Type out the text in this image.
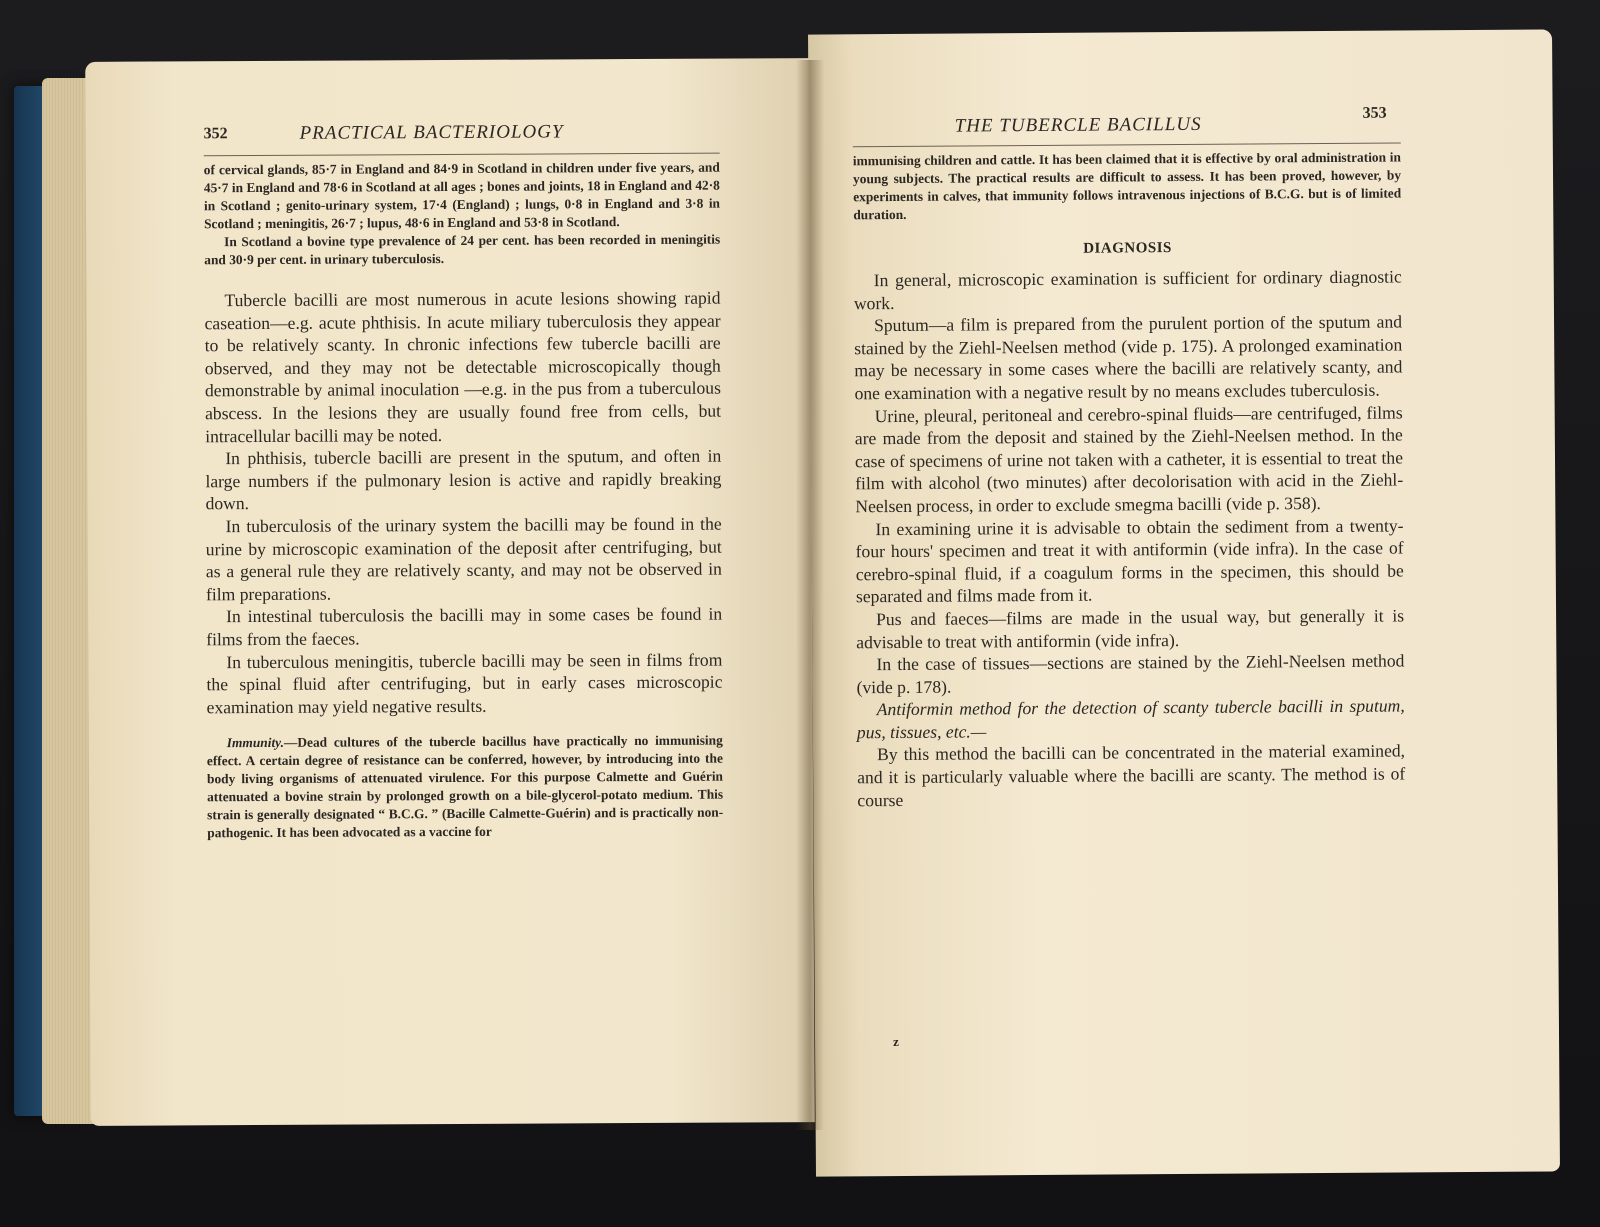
352	PRACTICAL BACTERIOLOGY

of cervical glands, 85·7 in England and 84·9 in Scotland in children under five years, and 45·7 in England and 78·6 in Scotland at all ages ; bones and joints, 18 in England and 42·8 in Scotland ; genito-urinary system, 17·4 (England) ; lungs, 0·8 in England and 3·8 in Scotland ; meningitis, 26·7 ; lupus, 48·6 in England and 53·8 in Scotland.

In Scotland a bovine type prevalence of 24 per cent. has been recorded in meningitis and 30·9 per cent. in urinary tuberculosis.

Tubercle bacilli are most numerous in acute lesions showing rapid caseation—e.g. acute phthisis. In acute miliary tuberculosis they appear to be relatively scanty. In chronic infections few tubercle bacilli are observed, and they may not be detectable microscopically though demonstrable by animal inoculation —e.g. in the pus from a tuberculous abscess. In the lesions they are usually found free from cells, but intracellular bacilli may be noted.

In phthisis, tubercle bacilli are present in the sputum, and often in large numbers if the pulmonary lesion is active and rapidly breaking down.

In tuberculosis of the urinary system the bacilli may be found in the urine by microscopic examination of the deposit after centrifuging, but as a general rule they are relatively scanty, and may not be observed in film preparations.

In intestinal tuberculosis the bacilli may in some cases be found in films from the faeces.

In tuberculous meningitis, tubercle bacilli may be seen in films from the spinal fluid after centrifuging, but in early cases microscopic examination may yield negative results.

Immunity.—Dead cultures of the tubercle bacillus have practically no immunising effect. A certain degree of resistance can be conferred, however, by introducing into the body living organisms of attenuated virulence. For this purpose Calmette and Guérin attenuated a bovine strain by prolonged growth on a bile-glycerol-potato medium. This strain is generally designated “ B.C.G. ” (Bacille Calmette-Guérin) and is practically non-pathogenic. It has been advocated as a vaccine for

THE TUBERCLE BACILLUS
353

immunising children and cattle. It has been claimed that it is effective by oral administration in young subjects. The practical results are difficult to assess. It has been proved, however, by experiments in calves, that immunity follows intravenous injections of B.C.G. but is of limited duration.

DIAGNOSIS

In general, microscopic examination is sufficient for ordinary diagnostic work.

Sputum—a film is prepared from the purulent portion of the sputum and stained by the Ziehl-Neelsen method (vide p. 175). A prolonged examination may be necessary in some cases where the bacilli are relatively scanty, and one examination with a negative result by no means excludes tuberculosis.

Urine, pleural, peritoneal and cerebro-spinal fluids—are centrifuged, films are made from the deposit and stained by the Ziehl-Neelsen method. In the case of specimens of urine not taken with a catheter, it is essential to treat the film with alcohol (two minutes) after decolorisation with acid in the Ziehl-Neelsen process, in order to exclude smegma bacilli (vide p. 358).

In examining urine it is advisable to obtain the sediment from a twenty-four hours' specimen and treat it with antiformin (vide infra). In the case of cerebro-spinal fluid, if a coagulum forms in the specimen, this should be separated and films made from it.

Pus and faeces—films are made in the usual way, but generally it is advisable to treat with antiformin (vide infra).

In the case of tissues—sections are stained by the Ziehl-Neelsen method (vide p. 178).

Antiformin method for the detection of scanty tubercle bacilli in sputum, pus, tissues, etc.—

By this method the bacilli can be concentrated in the material examined, and it is particularly valuable where the bacilli are scanty. The method is of course

z
